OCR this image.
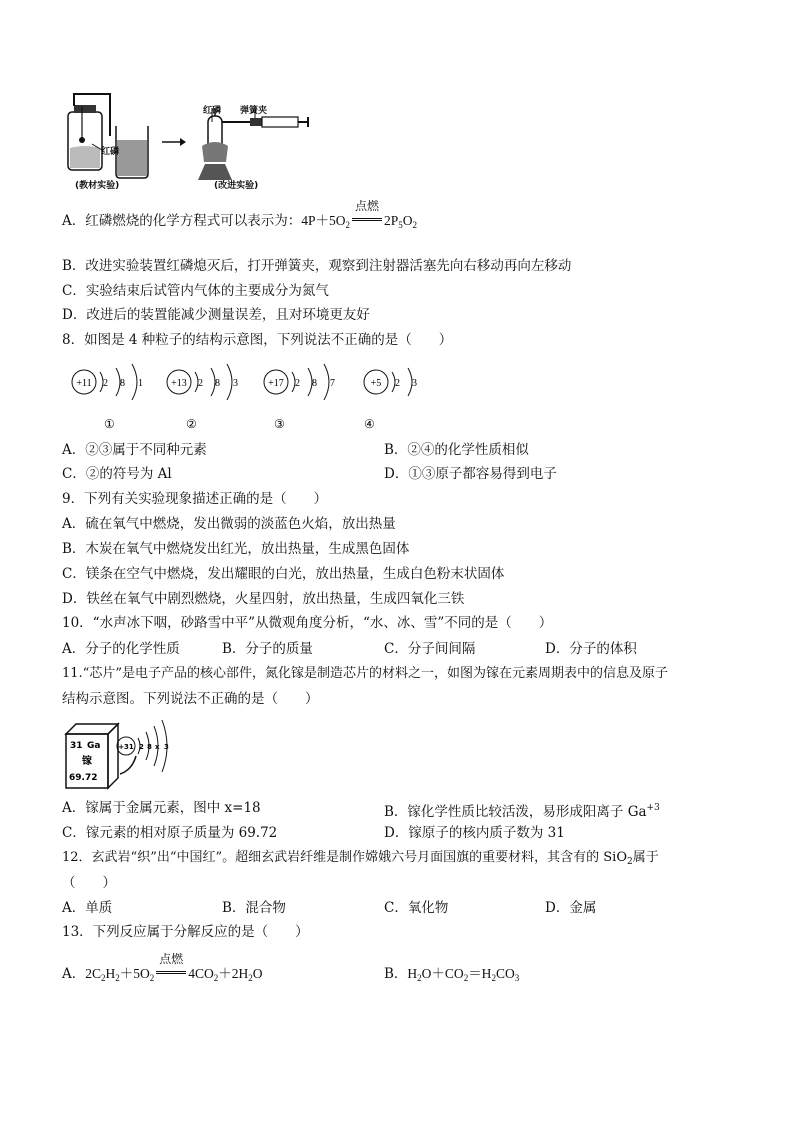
红磷
(教材实验)
红磷 弹簧夹
(改进实验)
A．红磷燃烧的化学方程式可以表示为：$4P+5O_2$
点燃
$2P_5O_2$
B．改进实验装置红磷熄灭后，打开弹簧夹，观察到注射器活塞先向右移动再向左移动
C．实验结束后试管内气体的主要成分为氮气
D．改进后的装置能减少测量误差，且对环境更友好
8．如图是 4 种粒子的结构示意图，下列说法不正确的是（　　）
+11 2 8 1	+13 2 8 3	+17 2 8 7	+5 2 3
①	②	③	④
A．②③属于不同种元素	B．②④的化学性质相似
C．②的符号为 Al	D．①③原子都容易得到电子
9．下列有关实验现象描述正确的是（　　）
A．硫在氧气中燃烧，发出微弱的淡蓝色火焰，放出热量
B．木炭在氧气中燃烧发出红光，放出热量，生成黑色固体
C．镁条在空气中燃烧，发出耀眼的白光，放出热量，生成白色粉末状固体
D．铁丝在氧气中剧烈燃烧，火星四射，放出热量，生成四氧化三铁
10．“水声冰下咽，砂路雪中平”从微观角度分析，“水、冰、雪”不同的是（　　）
A．分子的化学性质	B．分子的质量	C．分子间间隔	D．分子的体积
11.“芯片”是电子产品的核心部件，氮化镓是制造芯片的材料之一，如图为镓在元素周期表中的信息及原子
结构示意图。下列说法不正确的是（　　）
31 Ga
镓
69.72
+31 2 8 x 3
A．镓属于金属元素，图中 x=18	B．镓化学性质比较活泼，易形成阳离子 $Ga^{+3}$
C．镓元素的相对原子质量为 69.72	D．镓原子的核内质子数为 31
12．玄武岩“织”出“中国红”。超细玄武岩纤维是制作嫦娥六号月面国旗的重要材料，其含有的 SiO$_2$属于
（　　）
A．单质	B．混合物	C．氧化物	D．金属
13．下列反应属于分解反应的是（　　）
A．$2C_2H_2+5O_2$
点燃
$4CO_2+2H_2O$	B．$H_2O+CO_2=H_2CO_3$
